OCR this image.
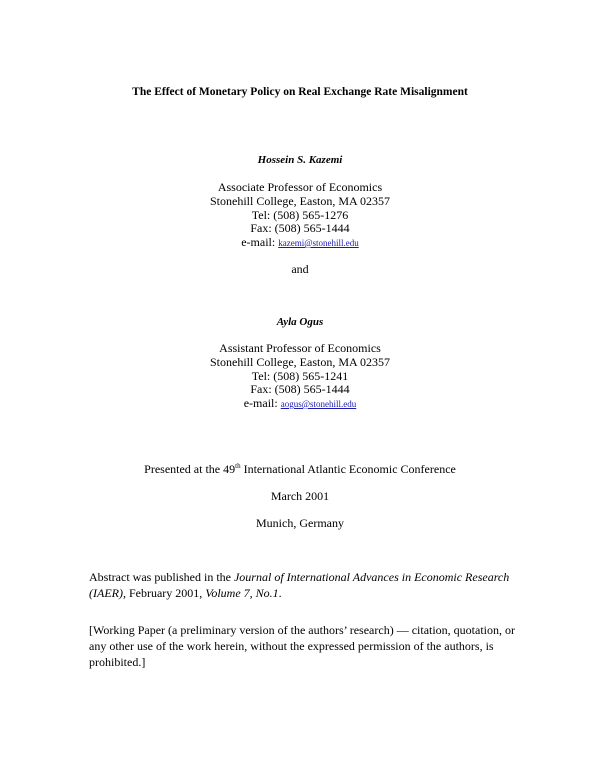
The Effect of Monetary Policy on Real Exchange Rate Misalignment
Hossein S. Kazemi
Associate Professor of Economics
Stonehill College, Easton, MA 02357
Tel: (508) 565-1276
Fax: (508) 565-1444
e-mail: kazemi@stonehill.edu
and
Ayla Ogus
Assistant Professor of Economics
Stonehill College, Easton, MA 02357
Tel: (508) 565-1241
Fax: (508) 565-1444
e-mail: aogus@stonehill.edu
Presented at the 49th International Atlantic Economic Conference
March 2001
Munich, Germany
Abstract was published in the Journal of International Advances in Economic Research (IAER), February 2001, Volume 7, No.1.
[Working Paper (a preliminary version of the authors’ research) — citation, quotation, or any other use of the work herein, without the expressed permission of the authors, is prohibited.]
